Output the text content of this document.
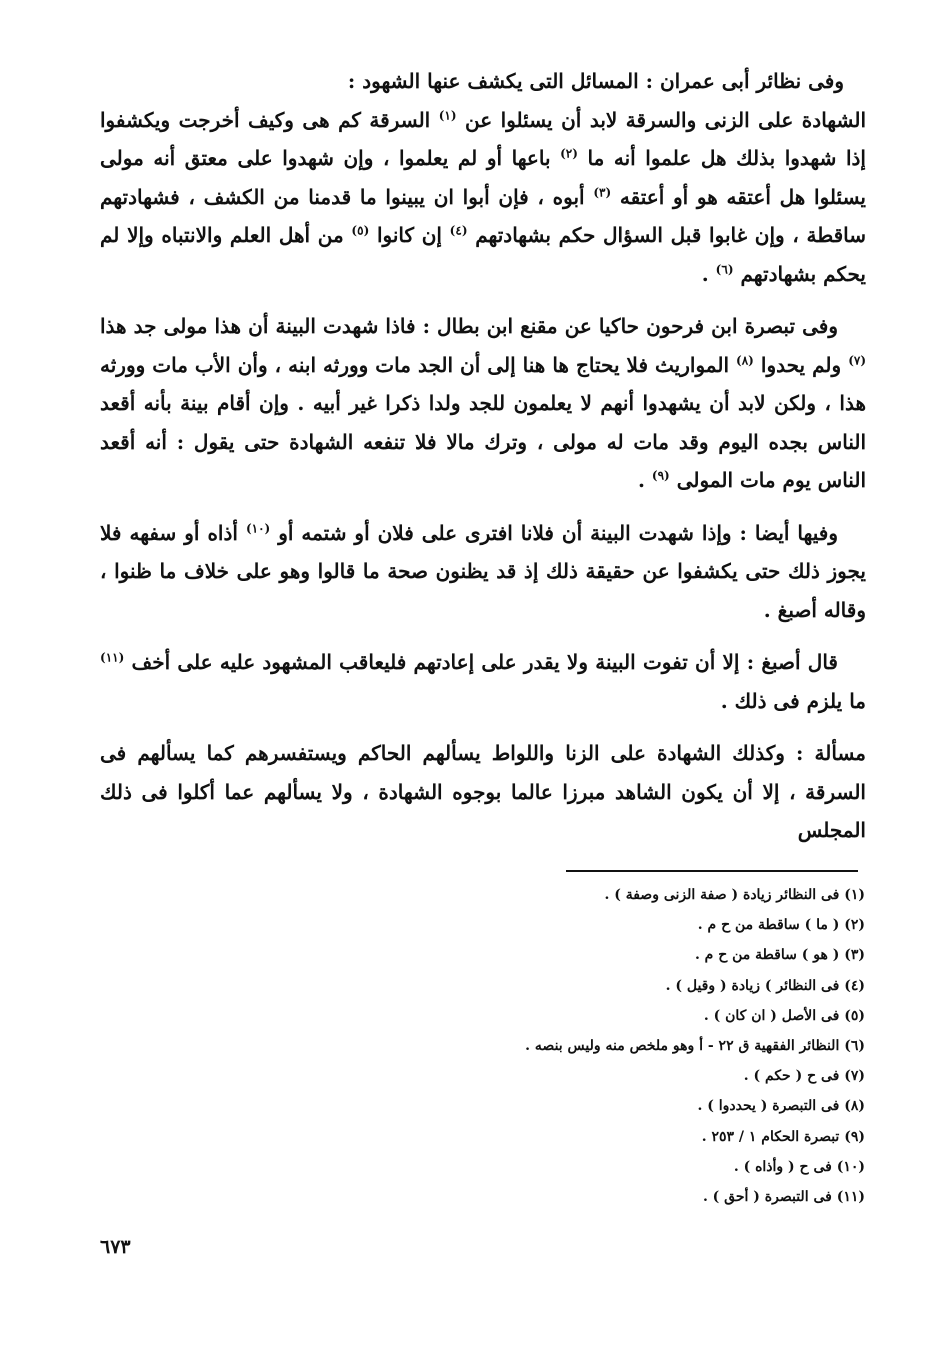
وفى نظائر أبى عمران : المسائل التى يكشف عنها الشهود :

الشهادة على الزنى والسرقة لابد أن يسئلوا عن $^{(١)}$ السرقة كم هى وكيف أخرجت ويكشفوا إذا شهدوا بذلك هل علموا أنه ما $^{(٢)}$ باعها أو لم يعلموا ، وإن شهدوا على معتق أنه مولى يسئلوا هل أعتقه هو أو أعتقه $^{(٣)}$ أبوه ، فإن أبوا ان يبينوا ما قدمنا من الكشف ، فشهادتهم ساقطة ، وإن غابوا قبل السؤال حكم بشهادتهم $^{(٤)}$ إن كانوا $^{(٥)}$ من أهل العلم والانتباه وإلا لم يحكم بشهادتهم $^{(٦)}$ .

وفى تبصرة ابن فرحون حاكيا عن مقنع ابن بطال : فاذا شهدت البينة أن هذا مولى جد هذا $^{(٧)}$ ولم يحدوا $^{(٨)}$ المواريث فلا يحتاج ها هنا إلى أن الجد مات وورثه ابنه ، وأن الأب مات وورثه هذا ، ولكن لابد أن يشهدوا أنهم لا يعلمون للجد ولدا ذكرا غير أبيه . وإن أقام بينة بأنه أقعد الناس بجده اليوم وقد مات له مولى ، وترك مالا فلا تنفعه الشهادة حتى يقول : أنه أقعد الناس يوم مات المولى $^{(٩)}$ .

وفيها أيضا : وإذا شهدت البينة أن فلانا افترى على فلان أو شتمه أو $^{(١٠)}$ أذاه أو سفهه فلا يجوز ذلك حتى يكشفوا عن حقيقة ذلك إذ قد يظنون صحة ما قالوا وهو على خلاف ما ظنوا ، وقاله أصبغ .

قال أصبغ : إلا أن تفوت البينة ولا يقدر على إعادتهم فليعاقب المشهود عليه على أخف $^{(١١)}$ ما يلزم فى ذلك .

مسألة : وكذلك الشهادة على الزنا واللواط يسألهم الحاكم ويستفسرهم كما يسألهم فى السرقة ، إلا أن يكون الشاهد مبرزا عالما بوجوه الشهادة ، ولا يسألهم عما أكلوا فى ذلك المجلس

(١) فى النظائر زيادة ( صفة الزنى وصفة ) .
(٢) ( ما ) ساقطة من ح م .
(٣) ( هو ) ساقطة من ح م .
(٤) فى النظائر ) زيادة ( وقيل ) .
(٥) فى الأصل ( ان كان ) .
(٦) النظائر الفقهية ق ٢٢ - أ وهو ملخص منه وليس بنصه .
(٧) فى ح ( حكم ) .
(٨) فى التبصرة ( يحددوا ) .
(٩) تبصرة الحكام ١ / ٢٥٣ .
(١٠) فى ح ( وأذاه ) .
(١١) فى التبصرة ( أحق ) .
٦٧٣
